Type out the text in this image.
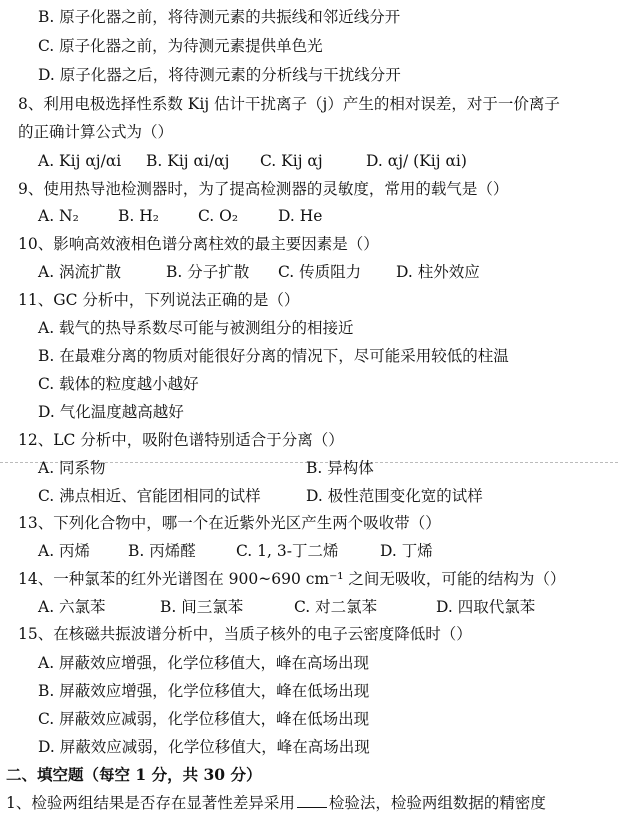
B. 原子化器之前，将待测元素的共振线和邻近线分开
C. 原子化器之前，为待测元素提供单色光
D. 原子化器之后，将待测元素的分析线与干扰线分开
8、利用电极选择性系数 Kij 估计干扰离子（j）产生的相对误差，对于一价离子
的正确计算公式为（）
A. Kij αj/αi B. Kij αi/αj C. Kij αj	D. αj/ (Kij αi)
9、使用热导池检测器时，为了提高检测器的灵敏度，常用的载气是（）
A. N₂	B. H₂	C. O₂	D. He
10、影响高效液相色谱分离柱效的最主要因素是（）
A. 涡流扩散	B. 分子扩散 C. 传质阻力 D. 柱外效应
11、GC 分析中，下列说法正确的是（）
A. 载气的热导系数尽可能与被测组分的相接近
B. 在最难分离的物质对能很好分离的情况下，尽可能采用较低的柱温
C. 载体的粒度越小越好
D. 气化温度越高越好
12、LC 分析中，吸附色谱特别适合于分离（）
A. 同系物	B. 异构体
C. 沸点相近、官能团相同的试样	D. 极性范围变化宽的试样
13、下列化合物中，哪一个在近紫外光区产生两个吸收带（）
A. 丙烯 B. 丙烯醛	C. 1, 3-丁二烯	D. 丁烯
14、一种氯苯的红外光谱图在 900~690 cm⁻¹ 之间无吸收，可能的结构为（）
A. 六氯苯	B. 间三氯苯	C. 对二氯苯	D. 四取代氯苯
15、在核磁共振波谱分析中，当质子核外的电子云密度降低时（）
A. 屏蔽效应增强，化学位移值大，峰在高场出现
B. 屏蔽效应增强，化学位移值大，峰在低场出现
C. 屏蔽效应减弱，化学位移值大，峰在低场出现
D. 屏蔽效应减弱，化学位移值大，峰在高场出现
二、填空题（每空 1 分，共 30 分）
1、检验两组结果是否存在显著性差异采用 检验法，检验两组数据的精密度
